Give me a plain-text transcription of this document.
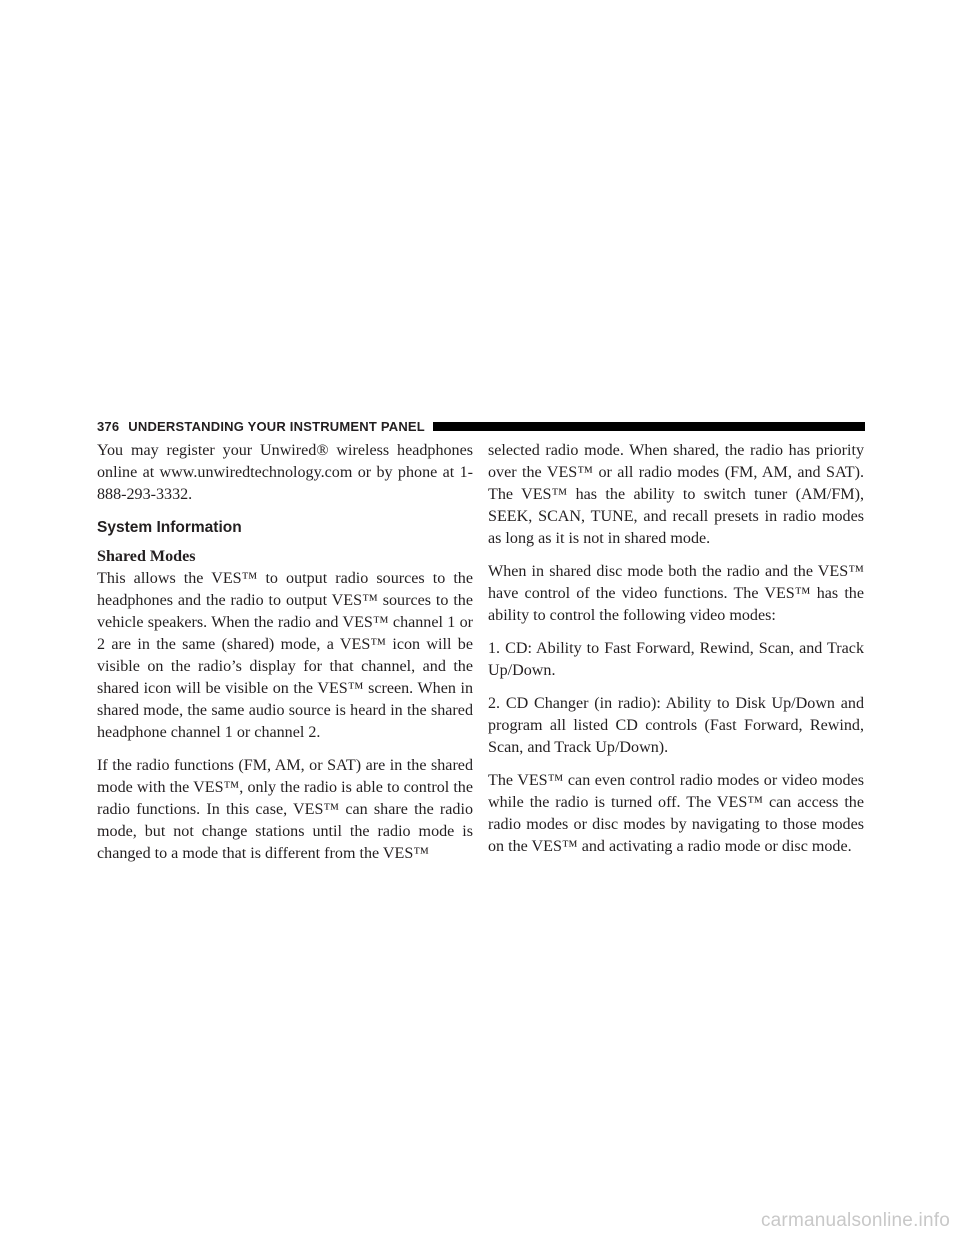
376 UNDERSTANDING YOUR INSTRUMENT PANEL

You may register your Unwired® wireless headphones online at www.unwiredtechnology.com or by phone at 1-888-293-3332.

System Information
Shared Modes

This allows the VES™ to output radio sources to the headphones and the radio to output VES™ sources to the vehicle speakers. When the radio and VES™ channel 1 or 2 are in the same (shared) mode, a VES™ icon will be visible on the radio’s display for that channel, and the shared icon will be visible on the VES™ screen. When in shared mode, the same audio source is heard in the shared headphone channel 1 or channel 2.

If the radio functions (FM, AM, or SAT) are in the shared mode with the VES™, only the radio is able to control the radio functions. In this case, VES™ can share the radio mode, but not change stations until the radio mode is changed to a mode that is different from the VES™

selected radio mode. When shared, the radio has priority over the VES™ or all radio modes (FM, AM, and SAT). The VES™ has the ability to switch tuner (AM/FM), SEEK, SCAN, TUNE, and recall presets in radio modes as long as it is not in shared mode.

When in shared disc mode both the radio and the VES™ have control of the video functions. The VES™ has the ability to control the following video modes:

1. CD: Ability to Fast Forward, Rewind, Scan, and Track Up/Down.

2. CD Changer (in radio): Ability to Disk Up/Down and program all listed CD controls (Fast Forward, Rewind, Scan, and Track Up/Down).

The VES™ can even control radio modes or video modes while the radio is turned off. The VES™ can access the radio modes or disc modes by navigating to those modes on the VES™ and activating a radio mode or disc mode.

carmanualsonline.info
